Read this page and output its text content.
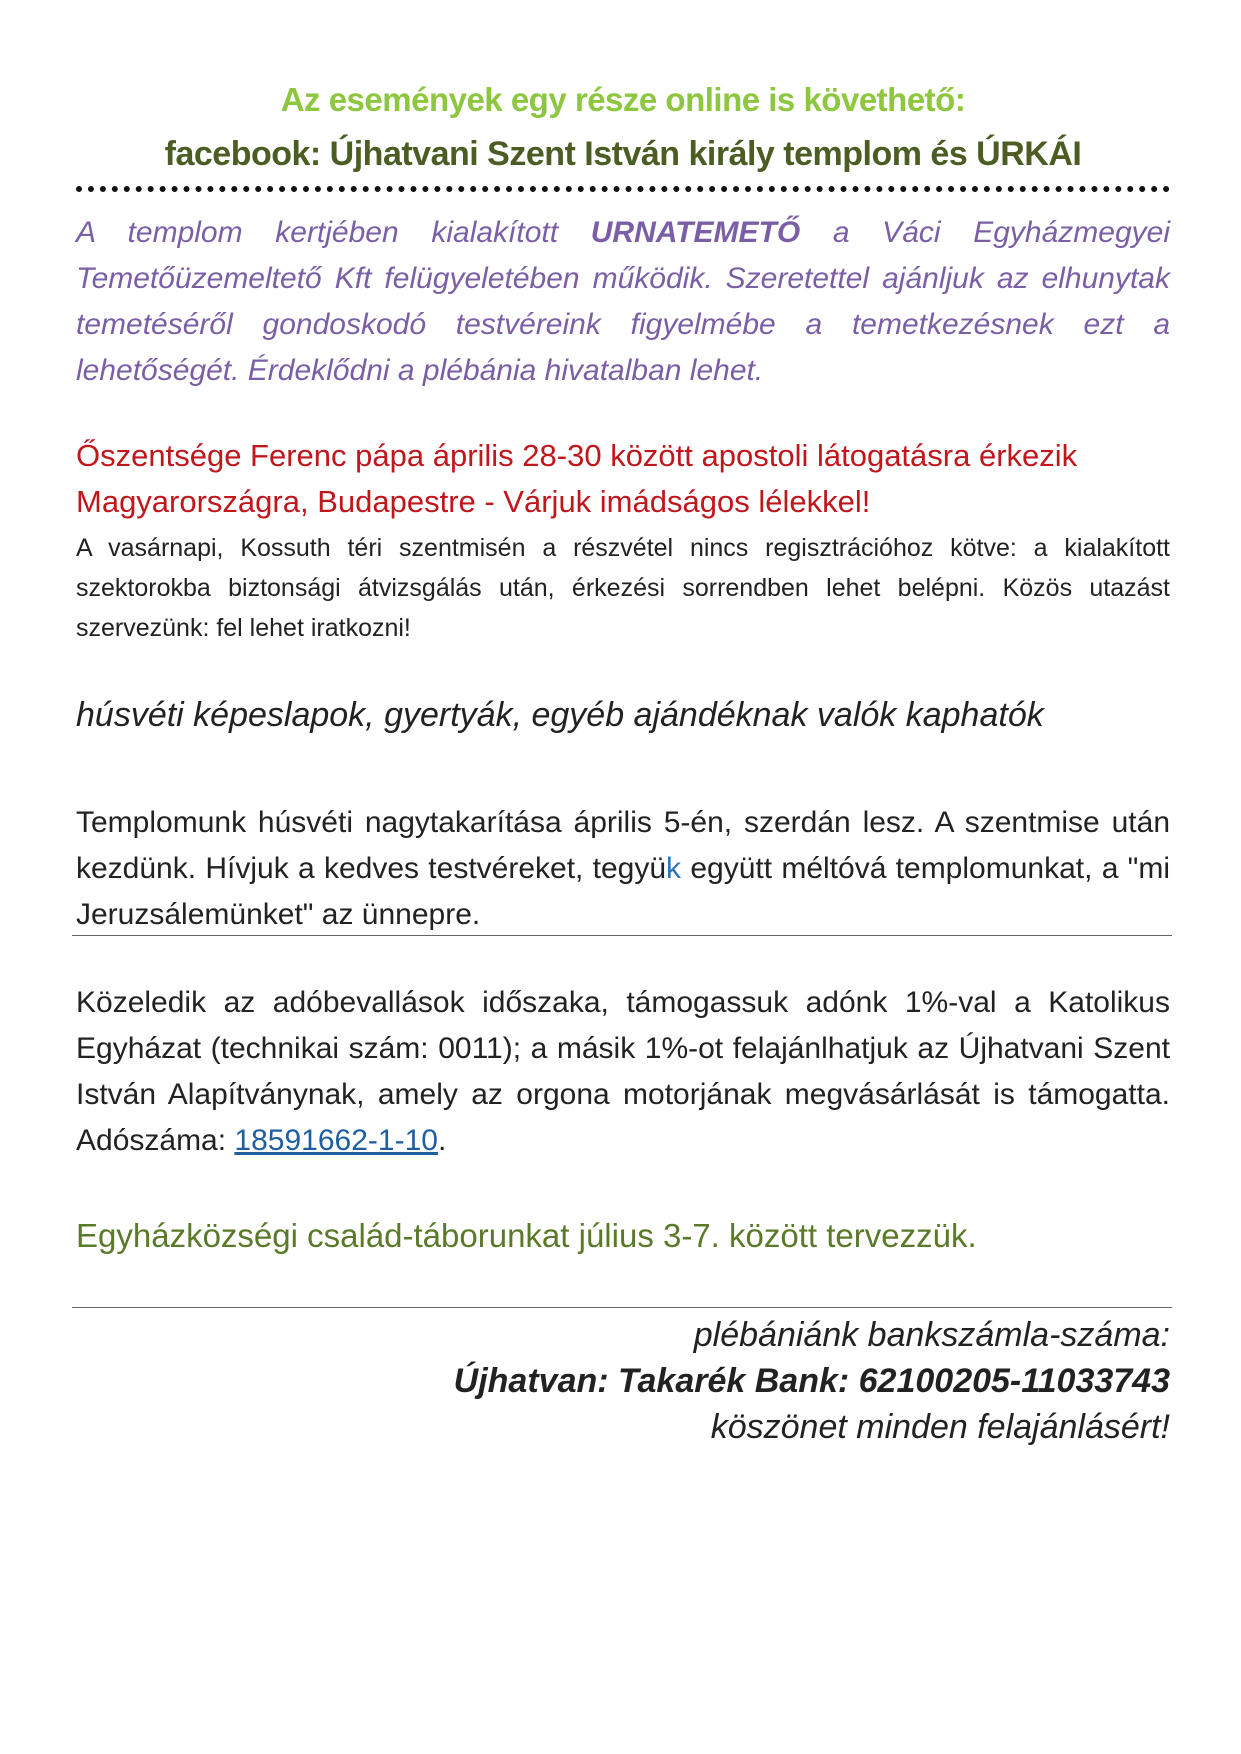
Az események egy része online is követhető:

facebook: Újhatvani Szent István király templom és ÚRKÁI

A templom kertjében kialakított URNATEMETŐ a Váci Egyházmegyei Temetőüzemeltető Kft felügyeletében működik. Szeretettel ajánljuk az elhunytak temetéséről gondoskodó testvéreink figyelmébe a temetkezésnek ezt a lehetőségét. Érdeklődni a plébánia hivatalban lehet.

Őszentsége Ferenc pápa április 28-30 között apostoli látogatásra érkezik Magyarországra, Budapestre - Várjuk imádságos lélekkel!

A vasárnapi, Kossuth téri szentmisén a részvétel nincs regisztrációhoz kötve: a kialakított szektorokba biztonsági átvizsgálás után, érkezési sorrendben lehet belépni. Közös utazást szervezünk: fel lehet iratkozni!

húsvéti képeslapok, gyertyák, egyéb ajándéknak valók kaphatók

Templomunk húsvéti nagytakarítása április 5-én, szerdán lesz. A szentmise után kezdünk. Hívjuk a kedves testvéreket, tegyük együtt méltóvá templomunkat, a "mi Jeruzsálemünket" az ünnepre.

Közeledik az adóbevallások időszaka, támogassuk adónk 1%-val a Katolikus Egyházat (technikai szám: 0011); a másik 1%-ot felajánlhatjuk az Újhatvani Szent István Alapítványnak, amely az orgona motorjának megvásárlását is támogatta. Adószáma: 18591662-1-10.

Egyházközségi család-táborunkat július 3-7. között tervezzük.

plébániánk bankszámla-száma:
Újhatvan: Takarék Bank: 62100205-11033743
köszönet minden felajánlásért!
